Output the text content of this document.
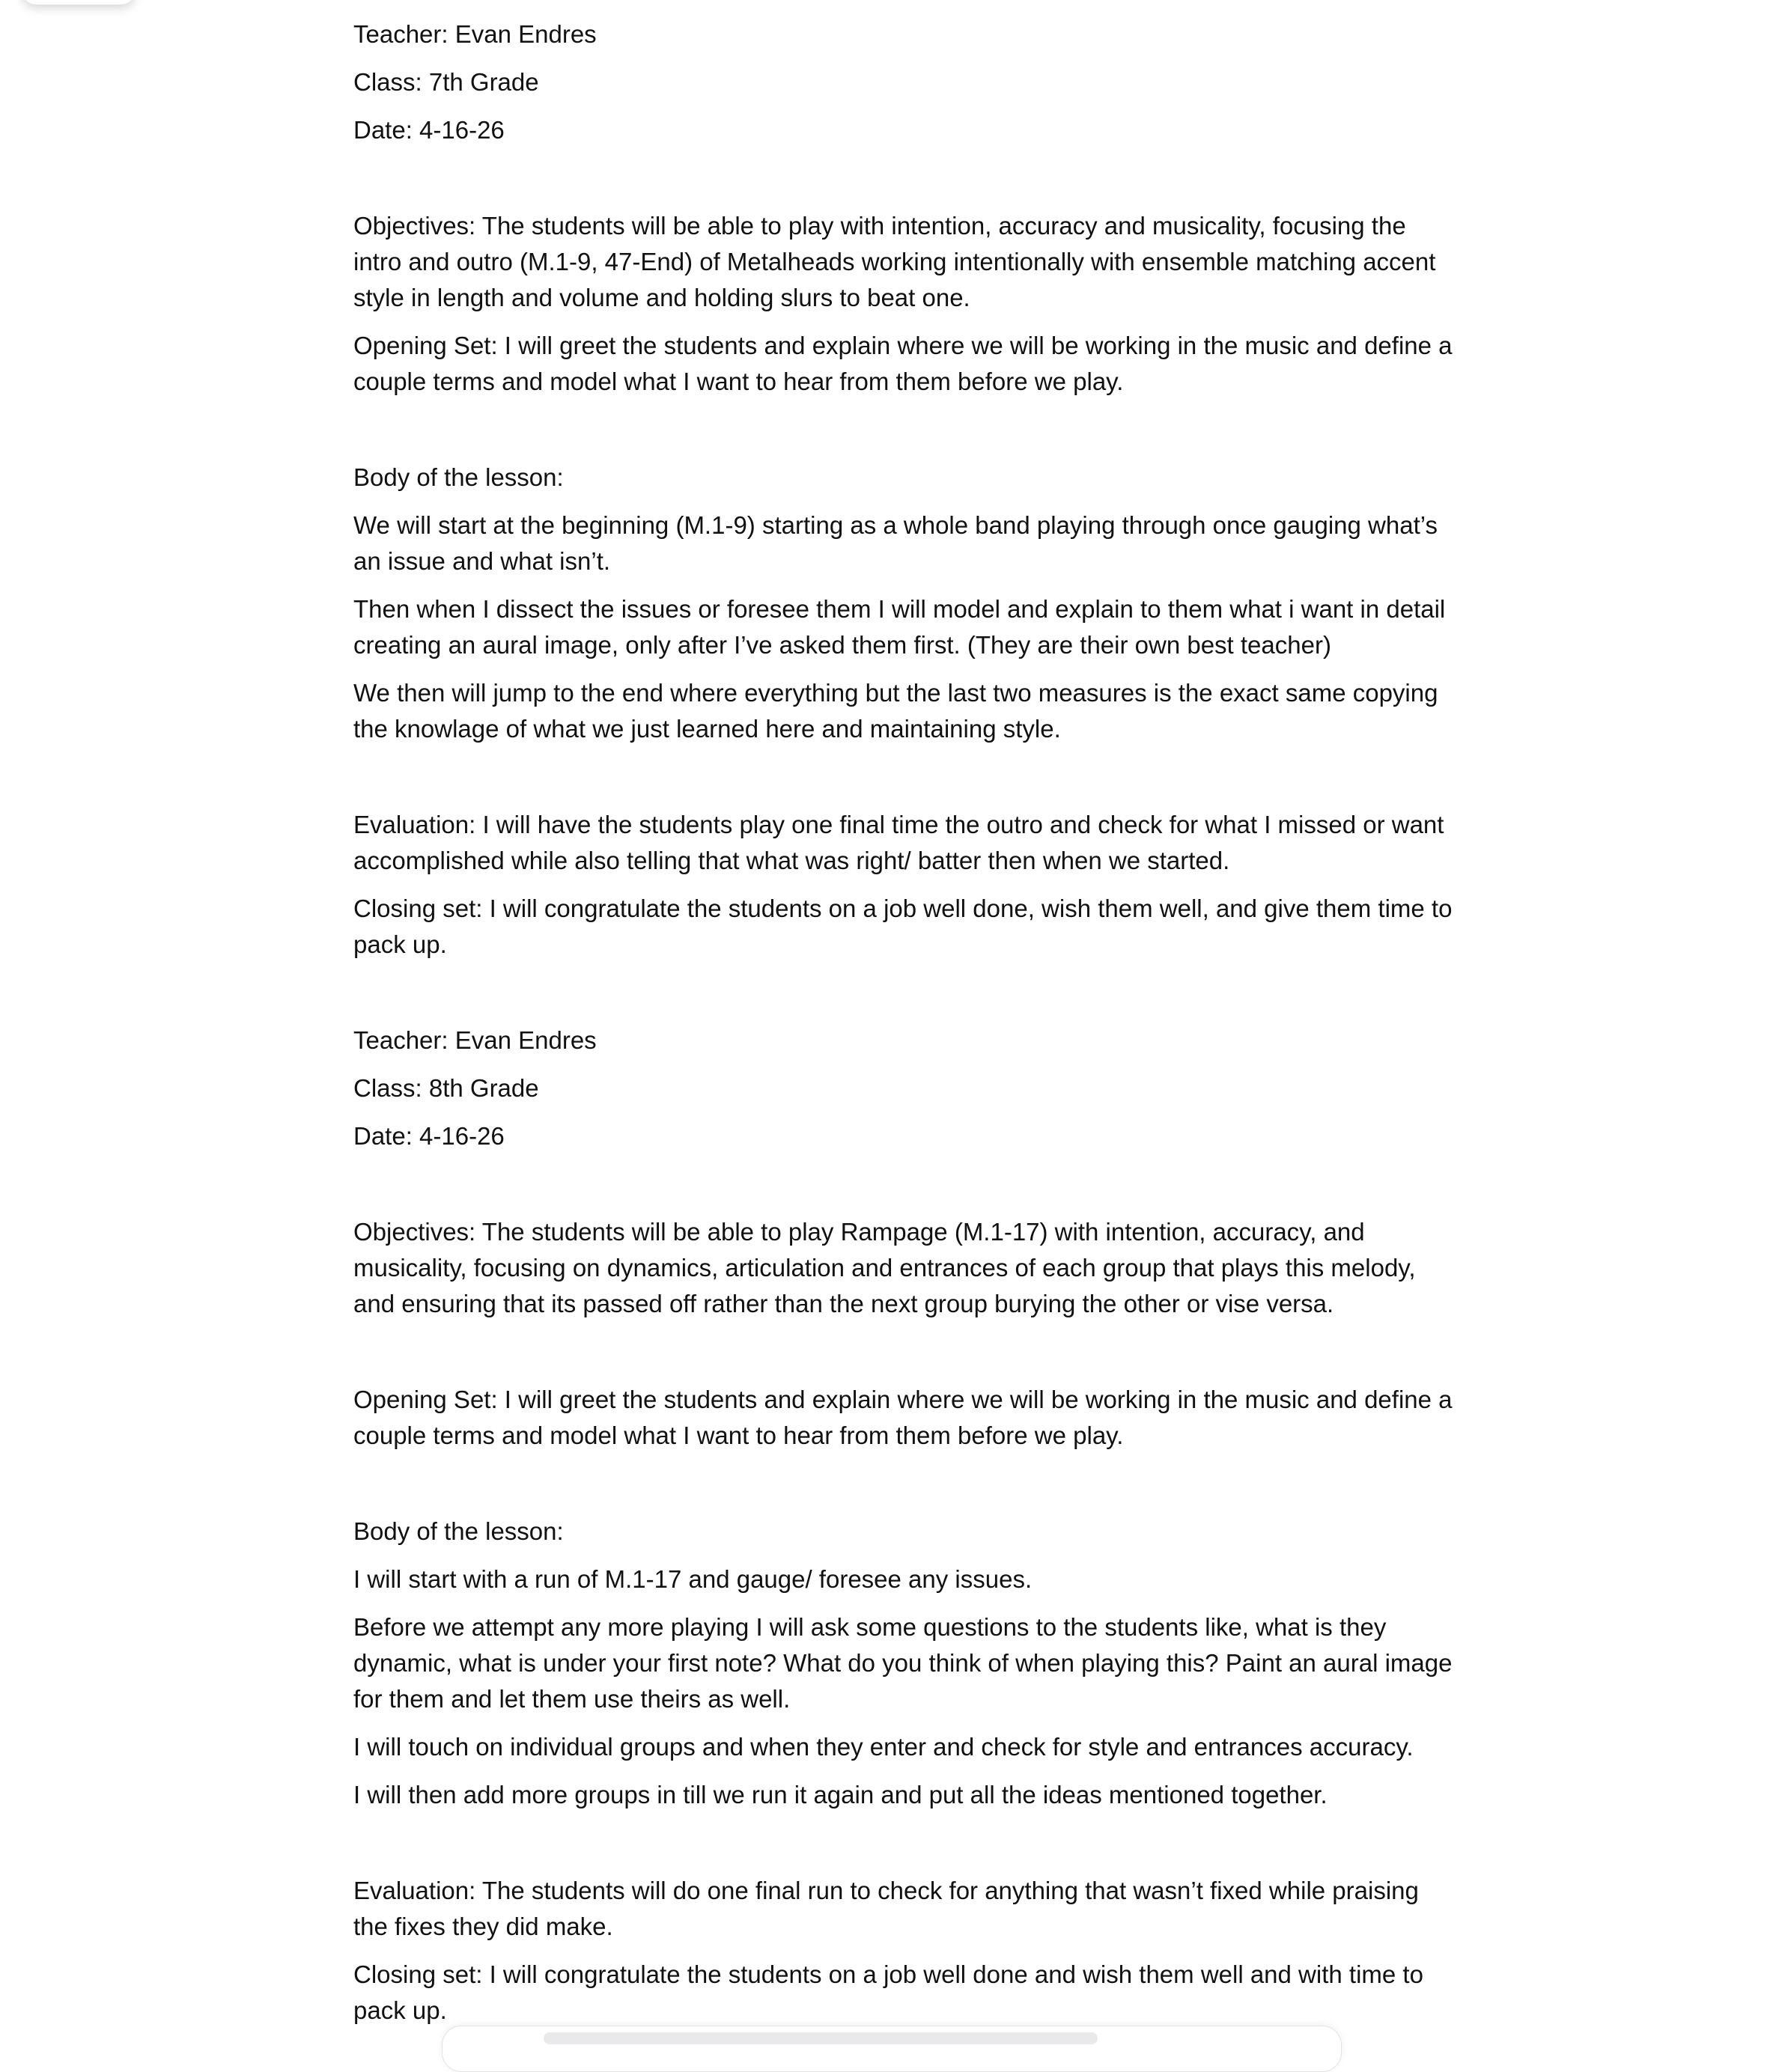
Teacher: Evan Endres

Class: 7th Grade

Date: 4-16-26

Objectives: The students will be able to play with intention, accuracy and musicality, focusing the intro and outro (M.1-9, 47-End) of Metalheads working intentionally with ensemble matching accent style in length and volume and holding slurs to beat one.

Opening Set: I will greet the students and explain where we will be working in the music and define a couple terms and model what I want to hear from them before we play.

Body of the lesson:

We will start at the beginning (M.1-9) starting as a whole band playing through once gauging what’s an issue and what isn’t.

Then when I dissect the issues or foresee them I will model and explain to them what i want in detail creating an aural image, only after I’ve asked them first. (They are their own best teacher)

We then will jump to the end where everything but the last two measures is the exact same copying the knowlage of what we just learned here and maintaining style.

Evaluation: I will have the students play one final time the outro and check for what I missed or want accomplished while also telling that what was right/ batter then when we started.

Closing set: I will congratulate the students on a job well done, wish them well, and give them time to pack up.

Teacher: Evan Endres

Class: 8th Grade

Date: 4-16-26

Objectives: The students will be able to play Rampage (M.1-17) with intention, accuracy, and musicality, focusing on dynamics, articulation and entrances of each group that plays this melody, and ensuring that its passed off rather than the next group burying the other or vise versa.

Opening Set: I will greet the students and explain where we will be working in the music and define a couple terms and model what I want to hear from them before we play.

Body of the lesson:

I will start with a run of M.1-17 and gauge/ foresee any issues.

Before we attempt any more playing I will ask some questions to the students like, what is they dynamic, what is under your first note? What do you think of when playing this? Paint an aural image for them and let them use theirs as well.

I will touch on individual groups and when they enter and check for style and entrances accuracy.

I will then add more groups in till we run it again and put all the ideas mentioned together.

Evaluation: The students will do one final run to check for anything that wasn’t fixed while praising the fixes they did make.

Closing set: I will congratulate the students on a job well done and wish them well and with time to pack up.
